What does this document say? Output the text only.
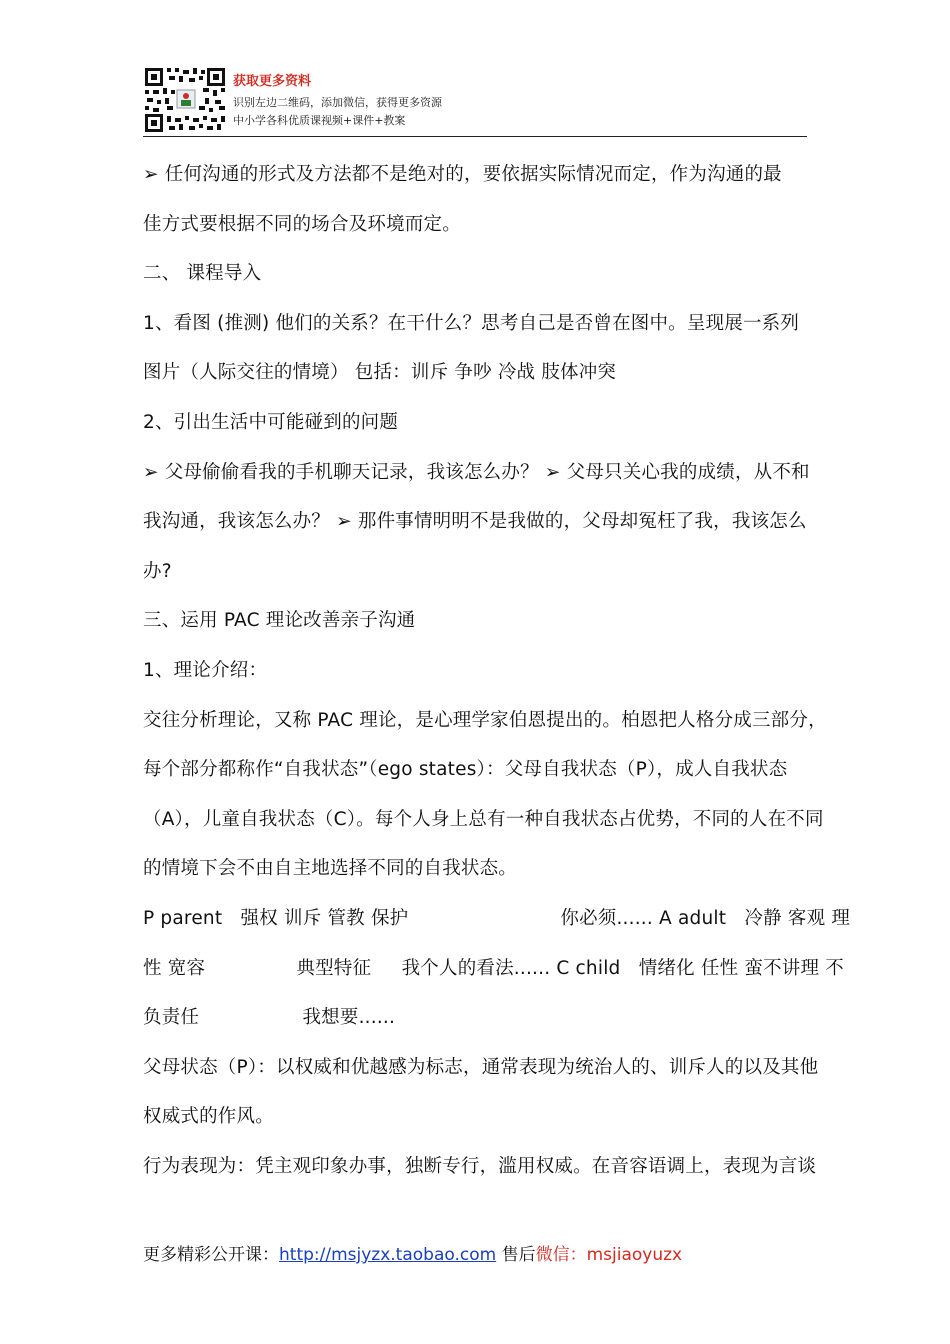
获取更多资料
识别左边二维码，添加微信，获得更多资源
中小学各科优质课视频+课件+教案

➢ 任何沟通的形式及方法都不是绝对的，要依据实际情况而定，作为沟通的最

佳方式要根据不同的场合及环境而定。

二、 课程导入

1、看图 (推测) 他们的关系？在干什么？思考自己是否曾在图中。呈现展一系列

图片（人际交往的情境） 包括：训斥 争吵 冷战 肢体冲突

2、引出生活中可能碰到的问题

➢ 父母偷偷看我的手机聊天记录，我该怎么办？ ➢ 父母只关心我的成绩，从不和

我沟通，我该怎么办？ ➢ 那件事情明明不是我做的，父母却冤枉了我，我该怎么

办?

三、运用 PAC 理论改善亲子沟通

1、理论介绍：

交往分析理论，又称 PAC 理论，是心理学家伯恩提出的。柏恩把人格分成三部分，

每个部分都称作“自我状态”（ego states）：父母自我状态（P），成人自我状态

（A），儿童自我状态（C）。每个人身上总有一种自我状态占优势，不同的人在不同

的情境下会不由自主地选择不同的自我状态。

P parent   强权 训斥 管教 保护                         你必须...... A adult   冷静 客观 理

性 宽容               典型特征     我个人的看法...... C child   情绪化 任性 蛮不讲理 不

负责任                 我想要......

父母状态（P）：以权威和优越感为标志，通常表现为统治人的、训斥人的以及其他

权威式的作风。

行为表现为：凭主观印象办事，独断专行，滥用权威。在音容语调上，表现为言谈

更多精彩公开课：http://msjyzx.taobao.com 售后微信：msjiaoyuzx
